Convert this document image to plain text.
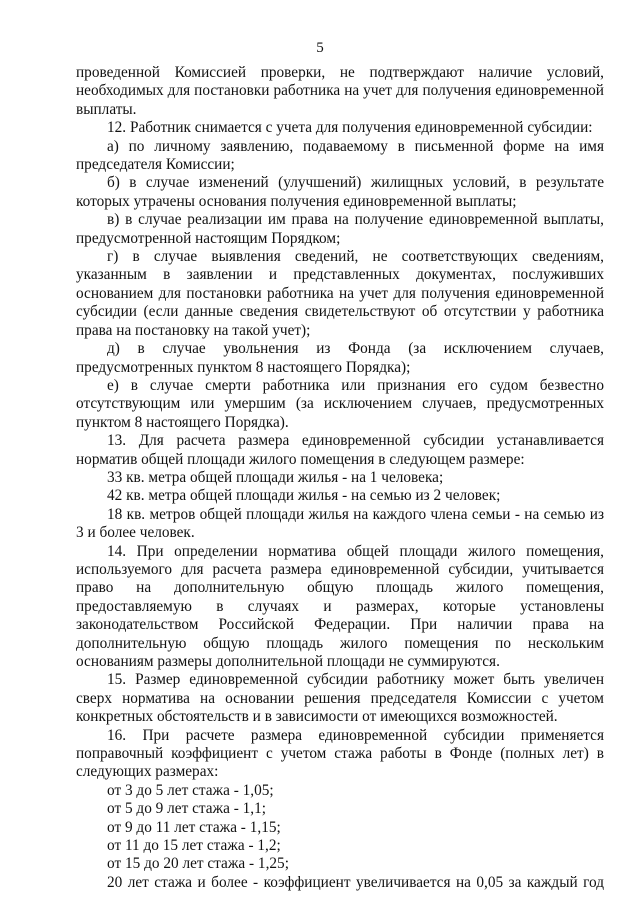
5

проведенной Комиссией проверки, не подтверждают наличие условий, необходимых для постановки работника на учет для получения единовременной выплаты.

12. Работник снимается с учета для получения единовременной субсидии:

а) по личному заявлению, подаваемому в письменной форме на имя председателя Комиссии;

б) в случае изменений (улучшений) жилищных условий, в результате которых утрачены основания получения единовременной выплаты;

в) в случае реализации им права на получение единовременной выплаты, предусмотренной настоящим Порядком;

г) в случае выявления сведений, не соответствующих сведениям, указанным в заявлении и представленных документах, послуживших основанием для постановки работника на учет для получения единовременной субсидии (если данные сведения свидетельствуют об отсутствии у работника права на постановку на такой учет);

д) в случае увольнения из Фонда (за исключением случаев, предусмотренных пунктом 8 настоящего Порядка);

е) в случае смерти работника или признания его судом безвестно отсутствующим или умершим (за исключением случаев, предусмотренных пунктом 8 настоящего Порядка).

13. Для расчета размера единовременной субсидии устанавливается норматив общей площади жилого помещения в следующем размере:

33 кв. метра общей площади жилья - на 1 человека;

42 кв. метра общей площади жилья - на семью из 2 человек;

18 кв. метров общей площади жилья на каждого члена семьи - на семью из 3 и более человек.

14. При определении норматива общей площади жилого помещения, используемого для расчета размера единовременной субсидии, учитывается право на дополнительную общую площадь жилого помещения, предоставляемую в случаях и размерах, которые установлены законодательством Российской Федерации. При наличии права на дополнительную общую площадь жилого помещения по нескольким основаниям размеры дополнительной площади не суммируются.

15. Размер единовременной субсидии работнику может быть увеличен сверх норматива на основании решения председателя Комиссии с учетом конкретных обстоятельств и в зависимости от имеющихся возможностей.

16. При расчете размера единовременной субсидии применяется поправочный коэффициент с учетом стажа работы в Фонде (полных лет) в следующих размерах:

от 3 до 5 лет стажа - 1,05;

от 5 до 9 лет стажа - 1,1;

от 9 до 11 лет стажа - 1,15;

от 11 до 15 лет стажа - 1,2;

от 15 до 20 лет стажа - 1,25;

20 лет стажа и более - коэффициент увеличивается на 0,05 за каждый год
